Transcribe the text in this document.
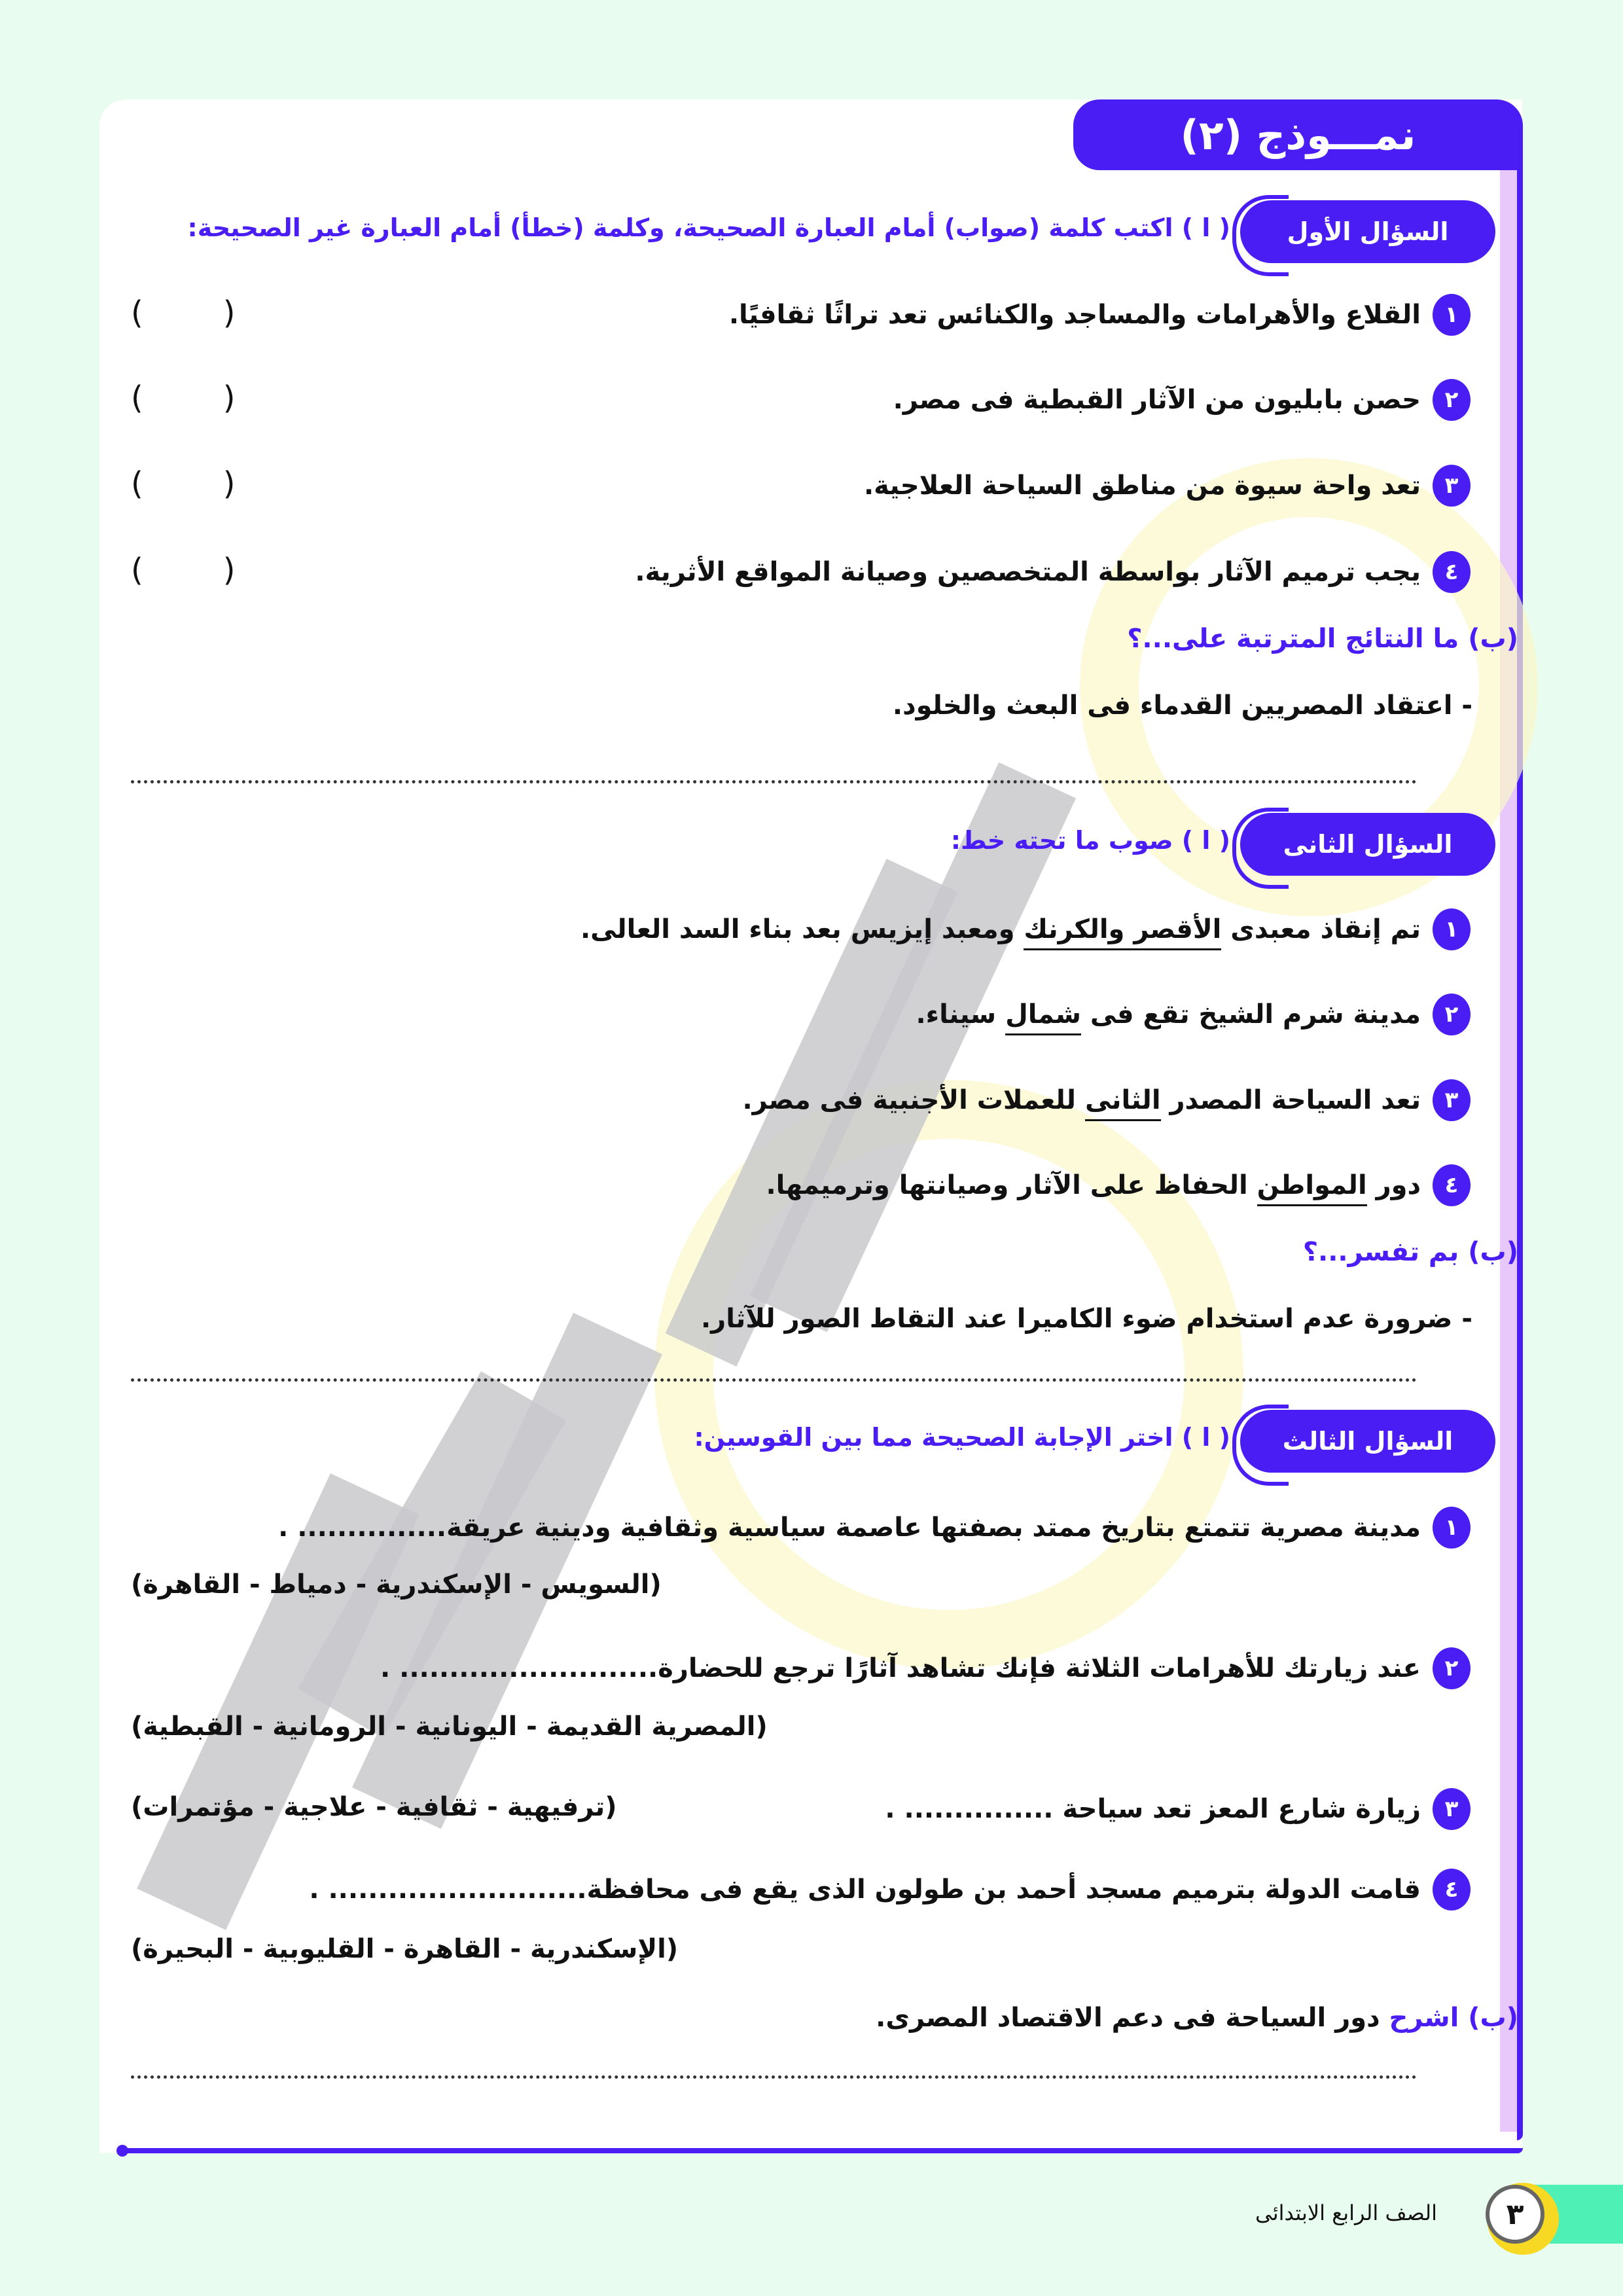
نمـــوذج (٢)
السؤال الأول
( ا ) اكتب كلمة (صواب) أمام العبارة الصحيحة، وكلمة (خطأ) أمام العبارة غير الصحيحة:
١
القلاع والأهرامات والمساجد والكنائس تعد تراثًا ثقافيًا.
(        )
٢
حصن بابليون من الآثار القبطية فى مصر.
(        )
٣
تعد واحة سيوة من مناطق السياحة العلاجية.
(        )
٤
يجب ترميم الآثار بواسطة المتخصصين وصيانة المواقع الأثرية.
(        )
(ب) ما النتائج المترتبة على...؟
- اعتقاد المصريين القدماء فى البعث والخلود.
السؤال الثانى
( ا ) صوب ما تحته خط:
١
تم إنقاذ معبدى الأقصر والكرنك ومعبد إيزيس بعد بناء السد العالى.
٢
مدينة شرم الشيخ تقع فى شمال سيناء.
٣
تعد السياحة المصدر الثانى للعملات الأجنبية فى مصر.
٤
دور المواطن الحفاظ على الآثار وصيانتها وترميمها.
(ب) بم تفسر...؟
- ضرورة عدم استخدام ضوء الكاميرا عند التقاط الصور للآثار.
السؤال الثالث
( ا ) اختر الإجابة الصحيحة مما بين القوسين:
١
مدينة مصرية تتمتع بتاريخ ممتد بصفتها عاصمة سياسية وثقافية ودينية عريقة............... .
(السويس - الإسكندرية - دمياط - القاهرة)
٢
عند زيارتك للأهرامات الثلاثة فإنك تشاهد آثارًا ترجع للحضارة.......................... .
(المصرية القديمة - اليونانية - الرومانية - القبطية)
٣
زيارة شارع المعز تعد سياحة ............... .
(ترفيهية - ثقافية - علاجية - مؤتمرات)
٤
قامت الدولة بترميم مسجد أحمد بن طولون الذى يقع فى محافظة.......................... .
(الإسكندرية - القاهرة - القليوبية - البحيرة)
(ب) اشرح دور السياحة فى دعم الاقتصاد المصرى.
الصف الرابع الابتدائى	٣
